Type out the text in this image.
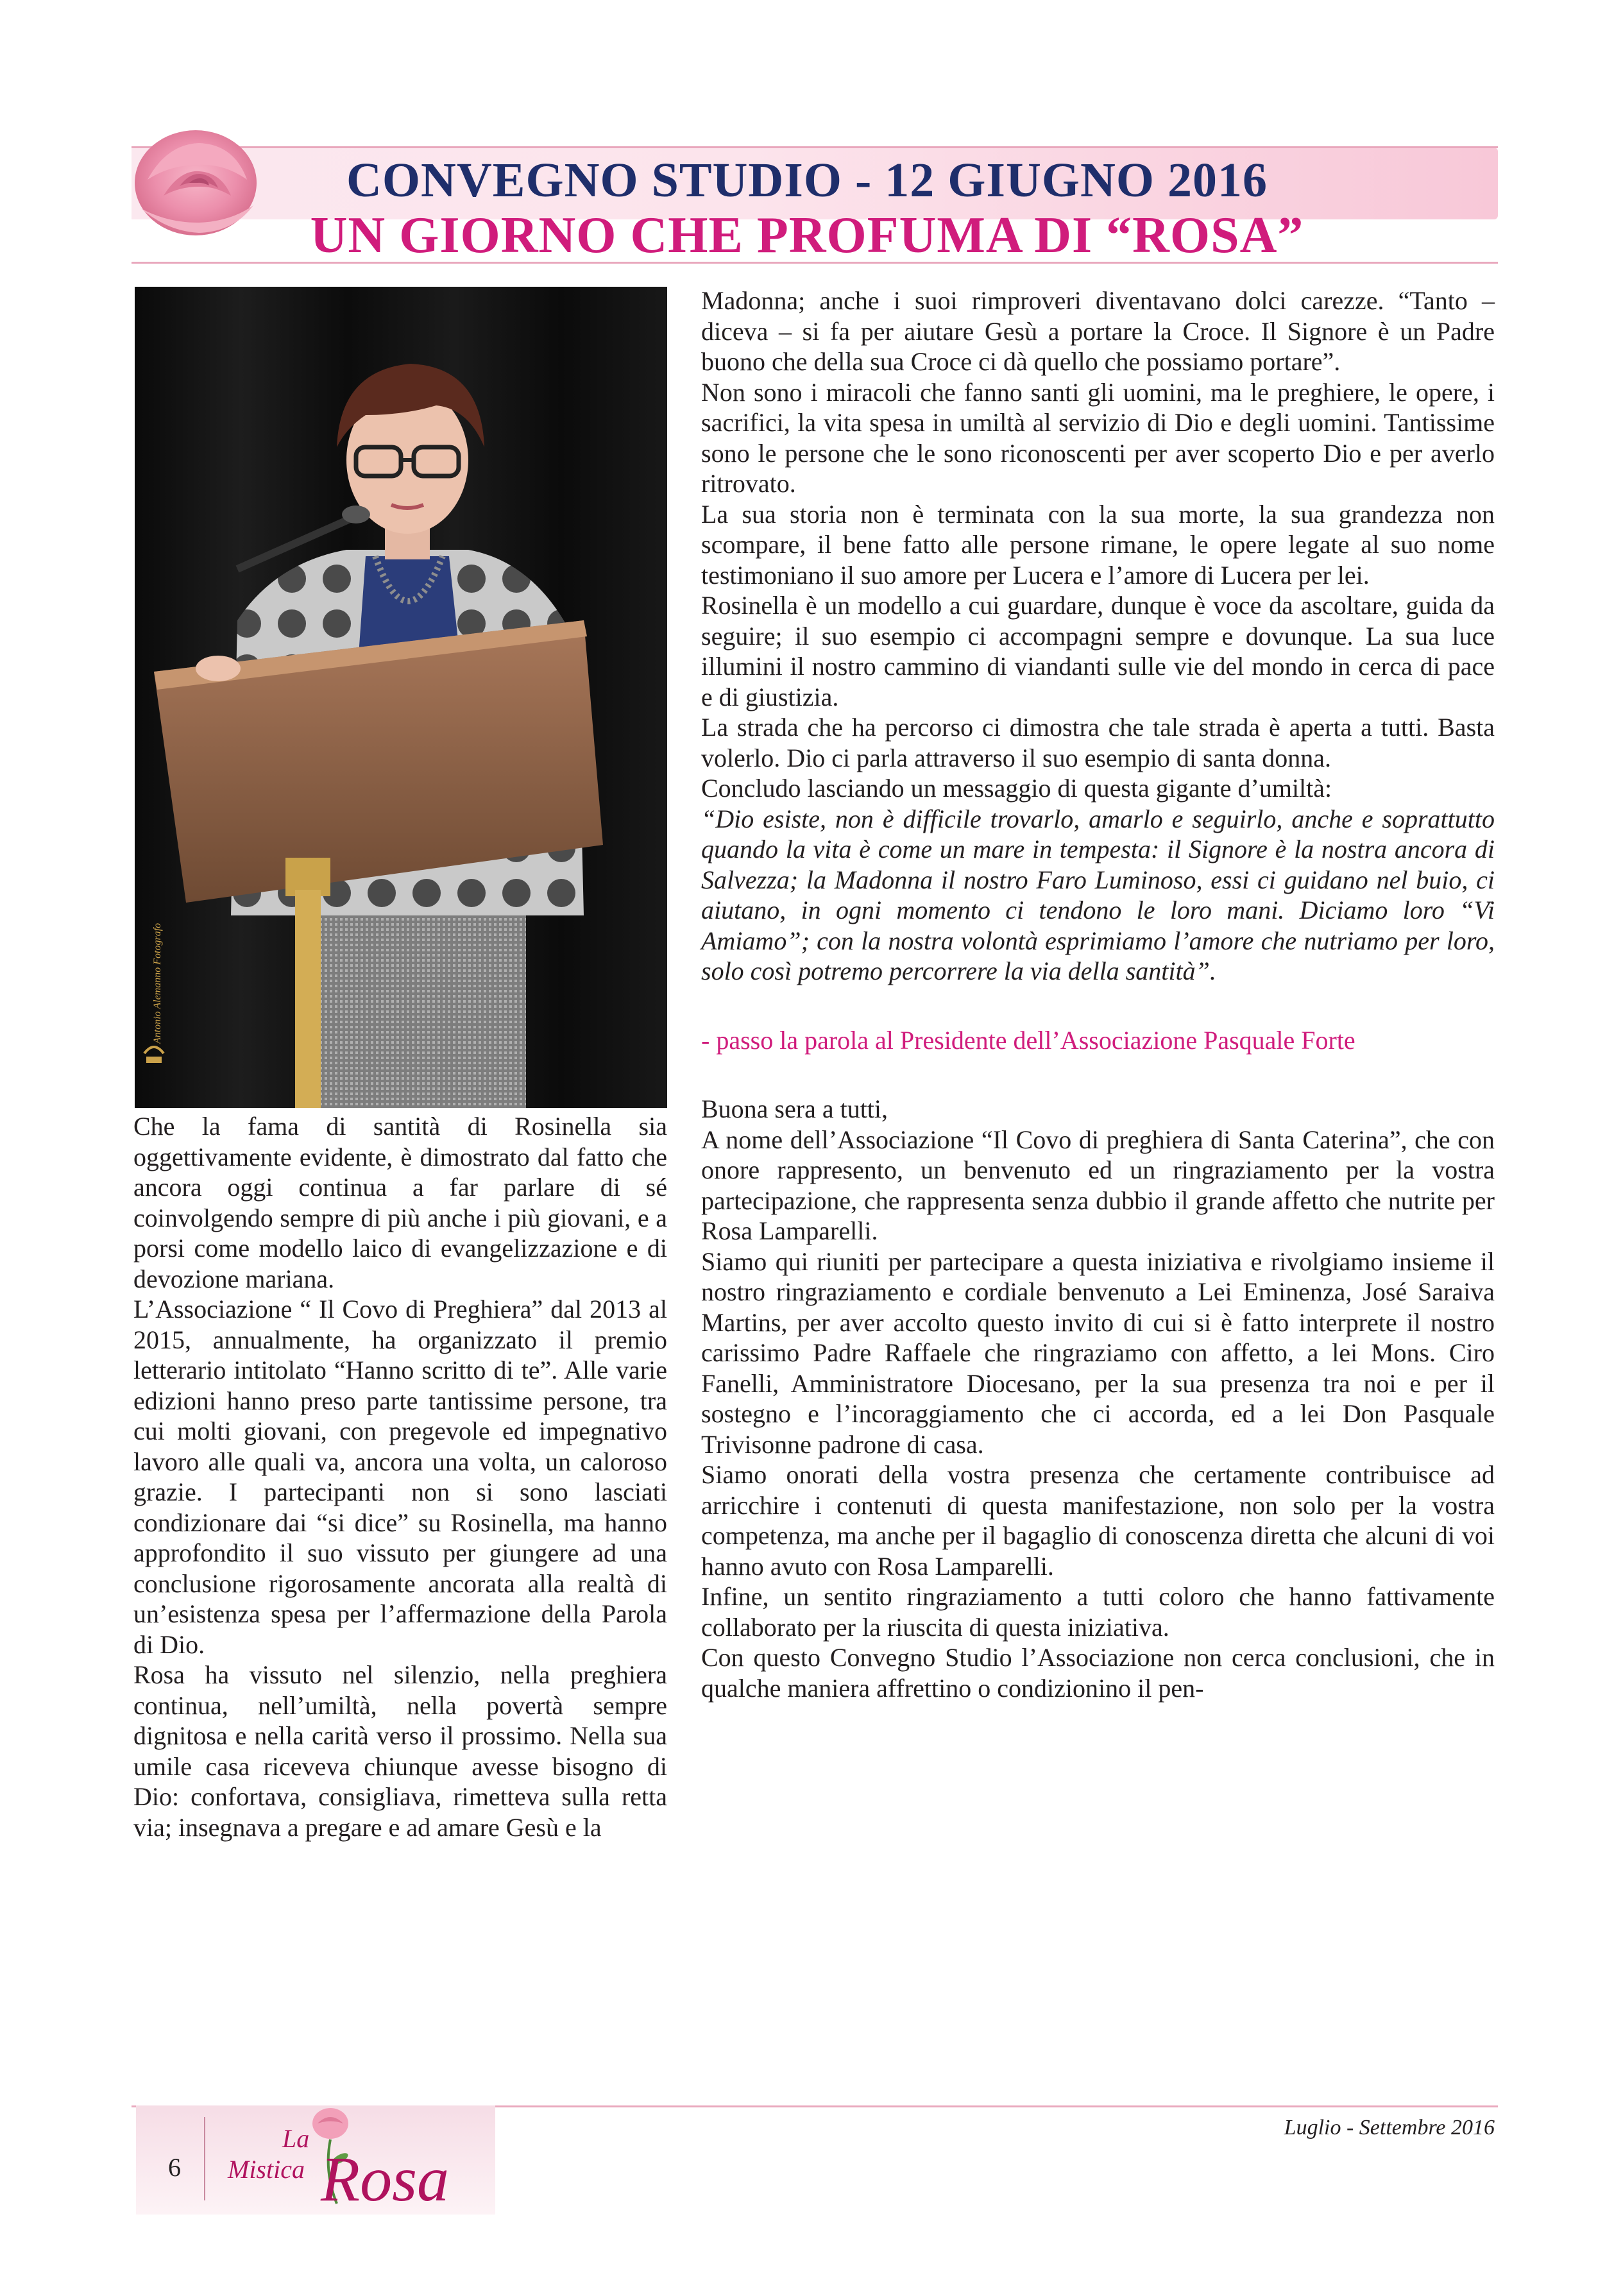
CONVEGNO STUDIO - 12 GIUGNO 2016
UN GIORNO CHE PROFUMA DI “ROSA”
Antonio Alemanno Fotografo

Che la fama di santità di Rosinella sia oggettivamente evidente, è dimostrato dal fatto che ancora oggi continua a far parlare di sé coinvolgendo sempre di più anche i più giovani, e a porsi come modello laico di evangelizzazione e di devozione mariana.

L’Associazione “ Il Covo di Preghiera” dal 2013 al 2015, annualmente, ha organizzato il premio letterario intitolato “Hanno scritto di te”. Alle varie edizioni hanno preso parte tantissime persone, tra cui molti giovani, con pregevole ed impegnativo lavoro alle quali va, ancora una volta, un caloroso grazie. I partecipanti non si sono lasciati condizionare dai “si dice” su Rosinella, ma hanno approfondito il suo vissuto per giungere ad una conclusione rigorosamente ancorata alla realtà di un’esistenza spesa per l’affermazione della Parola di Dio.

Rosa ha vissuto nel silenzio, nella preghiera continua, nell’umiltà, nella povertà sempre dignitosa e nella carità verso il prossimo. Nella sua umile casa riceveva chiunque avesse bisogno di Dio: confortava, consigliava, rimetteva sulla retta via; insegnava a pregare e ad amare Gesù e la

Madonna; anche i suoi rimproveri diventavano dolci carezze. “Tanto – diceva – si fa per aiutare Gesù a portare la Croce. Il Signore è un Padre buono che della sua Croce ci dà quello che possiamo portare”.

Non sono i miracoli che fanno santi gli uomini, ma le preghiere, le opere, i sacrifici, la vita spesa in umiltà al servizio di Dio e degli uomini. Tantissime sono le persone che le sono riconoscenti per aver scoperto Dio e per averlo ritrovato.

La sua storia non è terminata con la sua morte, la sua grandezza non scompare, il bene fatto alle persone rimane, le opere legate al suo nome testimoniano il suo amore per Lucera e l’amore di Lucera per lei.

Rosinella è un modello a cui guardare, dunque è voce da ascoltare, guida da seguire; il suo esempio ci accompagni sempre e dovunque. La sua luce illumini il nostro cammino di viandanti sulle vie del mondo in cerca di pace e di giustizia.

La strada che ha percorso ci dimostra che tale strada è aperta a tutti. Basta volerlo. Dio ci parla attraverso il suo esempio di santa donna.

Concludo lasciando un messaggio di questa gigante d’umiltà:

“Dio esiste, non è difficile trovarlo, amarlo e seguirlo, anche e soprattutto quando la vita è come un mare in tempesta: il Signore è la nostra ancora di Salvezza; la Madonna il nostro Faro Luminoso, essi ci guidano nel buio, ci aiutano, in ogni momento ci tendono le loro mani. Diciamo loro “Vi Amiamo”; con la nostra volontà esprimiamo l’amore che nutriamo per loro, solo così potremo percorrere la via della santità”.

- passo la parola al Presidente dell’Associazione Pasquale Forte

Buona sera a tutti,

A nome dell’Associazione “Il Covo di preghiera di Santa Caterina”, che con onore rappresento, un benvenuto ed un ringraziamento per la vostra partecipazione, che rappresenta senza dubbio il grande affetto che nutrite per Rosa Lamparelli.

Siamo qui riuniti per partecipare a questa iniziativa e rivolgiamo insieme il nostro ringraziamento e cordiale benvenuto a Lei Eminenza, José Saraiva Martins, per aver accolto questo invito di cui si è fatto interprete il nostro carissimo Padre Raffaele che ringraziamo con affetto, a lei Mons. Ciro Fanelli, Amministratore Diocesano, per la sua presenza tra noi e per il sostegno e l’incoraggiamento che ci accorda, ed a lei Don Pasquale Trivisonne padrone di casa.

Siamo onorati della vostra presenza che certamente contribuisce ad arricchire i contenuti di questa manifestazione, non solo per la vostra competenza, ma anche per il bagaglio di conoscenza diretta che alcuni di voi hanno avuto con Rosa Lamparelli.

Infine, un sentito ringraziamento a tutti coloro che hanno fattivamente collaborato per la riuscita di questa iniziativa.

Con questo Convegno Studio l’Associazione non cerca conclusioni, che in qualche maniera affrettino o condizionino il pen-

6
La
Mistica Rosa
Luglio - Settembre 2016
